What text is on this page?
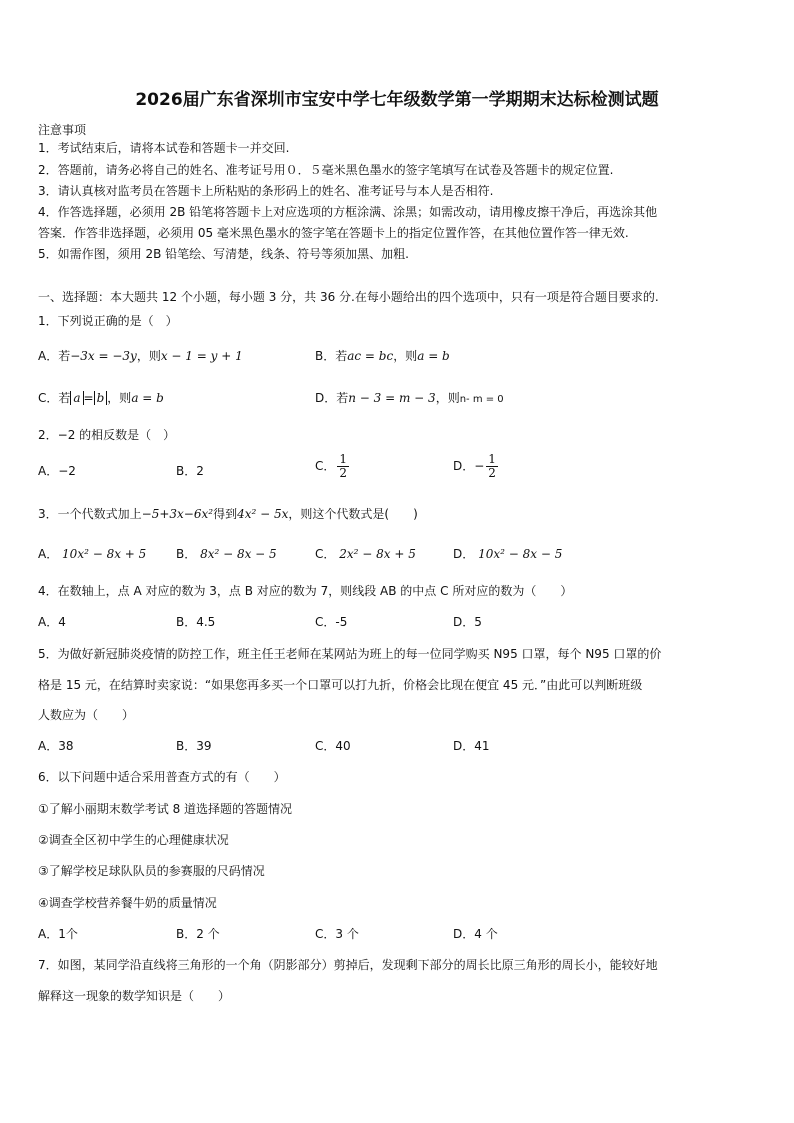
2026届广东省深圳市宝安中学七年级数学第一学期期末达标检测试题
注意事项
1．考试结束后，请将本试卷和答题卡一并交回.
2．答题前，请务必将自己的姓名、准考证号用０．５毫米黑色墨水的签字笔填写在试卷及答题卡的规定位置.
3．请认真核对监考员在答题卡上所粘贴的条形码上的姓名、准考证号与本人是否相符.
4．作答选择题，必须用 2B 铅笔将答题卡上对应选项的方框涂满、涂黑；如需改动，请用橡皮擦干净后，再选涂其他
答案．作答非选择题，必须用 05 毫米黑色墨水的签字笔在答题卡上的指定位置作答，在其他位置作答一律无效.
5．如需作图，须用 2B 铅笔绘、写清楚，线条、符号等须加黑、加粗.
一、选择题：本大题共 12 个小题，每小题 3 分，共 36 分.在每小题给出的四个选项中，只有一项是符合题目要求的.
1．下列说正确的是（　）
A．若−3x = −3y，则x − 1 = y + 1	B．若ac = bc，则a = b
C．若 a = b ，则a = b	D．若n − 3 = m − 3，则n‐ m = 0
2．−2 的相反数是（　）
A．−2	B．2	C． $\frac{1}{2}$	D．− $\frac{1}{2}$
3．一个代数式加上−5+3x−6x²得到4x² − 5x，则这个代数式是(　　)
A． 10x² − 8x + 5 B． 8x² − 8x − 5	C． 2x² − 8x + 5	D． 10x² − 8x − 5
4．在数轴上，点 A 对应的数为 3，点 B 对应的数为 7，则线段 AB 的中点 C 所对应的数为（　　）
A．4	B．4.5	C．-5	D．5
5．为做好新冠肺炎疫情的防控工作，班主任王老师在某网站为班上的每一位同学购买 N95 口罩，每个 N95 口罩的价
格是 15 元，在结算时卖家说：“如果您再多买一个口罩可以打九折，价格会比现在便宜 45 元．”由此可以判断班级
人数应为（　　）
A．38	B．39	C．40	D．41
6．以下问题中适合采用普查方式的有（　　）
①了解小丽期末数学考试 8 道选择题的答题情况
②调查全区初中学生的心理健康状况
③了解学校足球队队员的参赛服的尺码情况
④调查学校营养餐牛奶的质量情况
A．1个	B．2 个	C．3 个	D．4 个
7．如图，某同学沿直线将三角形的一个角（阴影部分）剪掉后，发现剩下部分的周长比原三角形的周长小，能较好地
解释这一现象的数学知识是（　　）
